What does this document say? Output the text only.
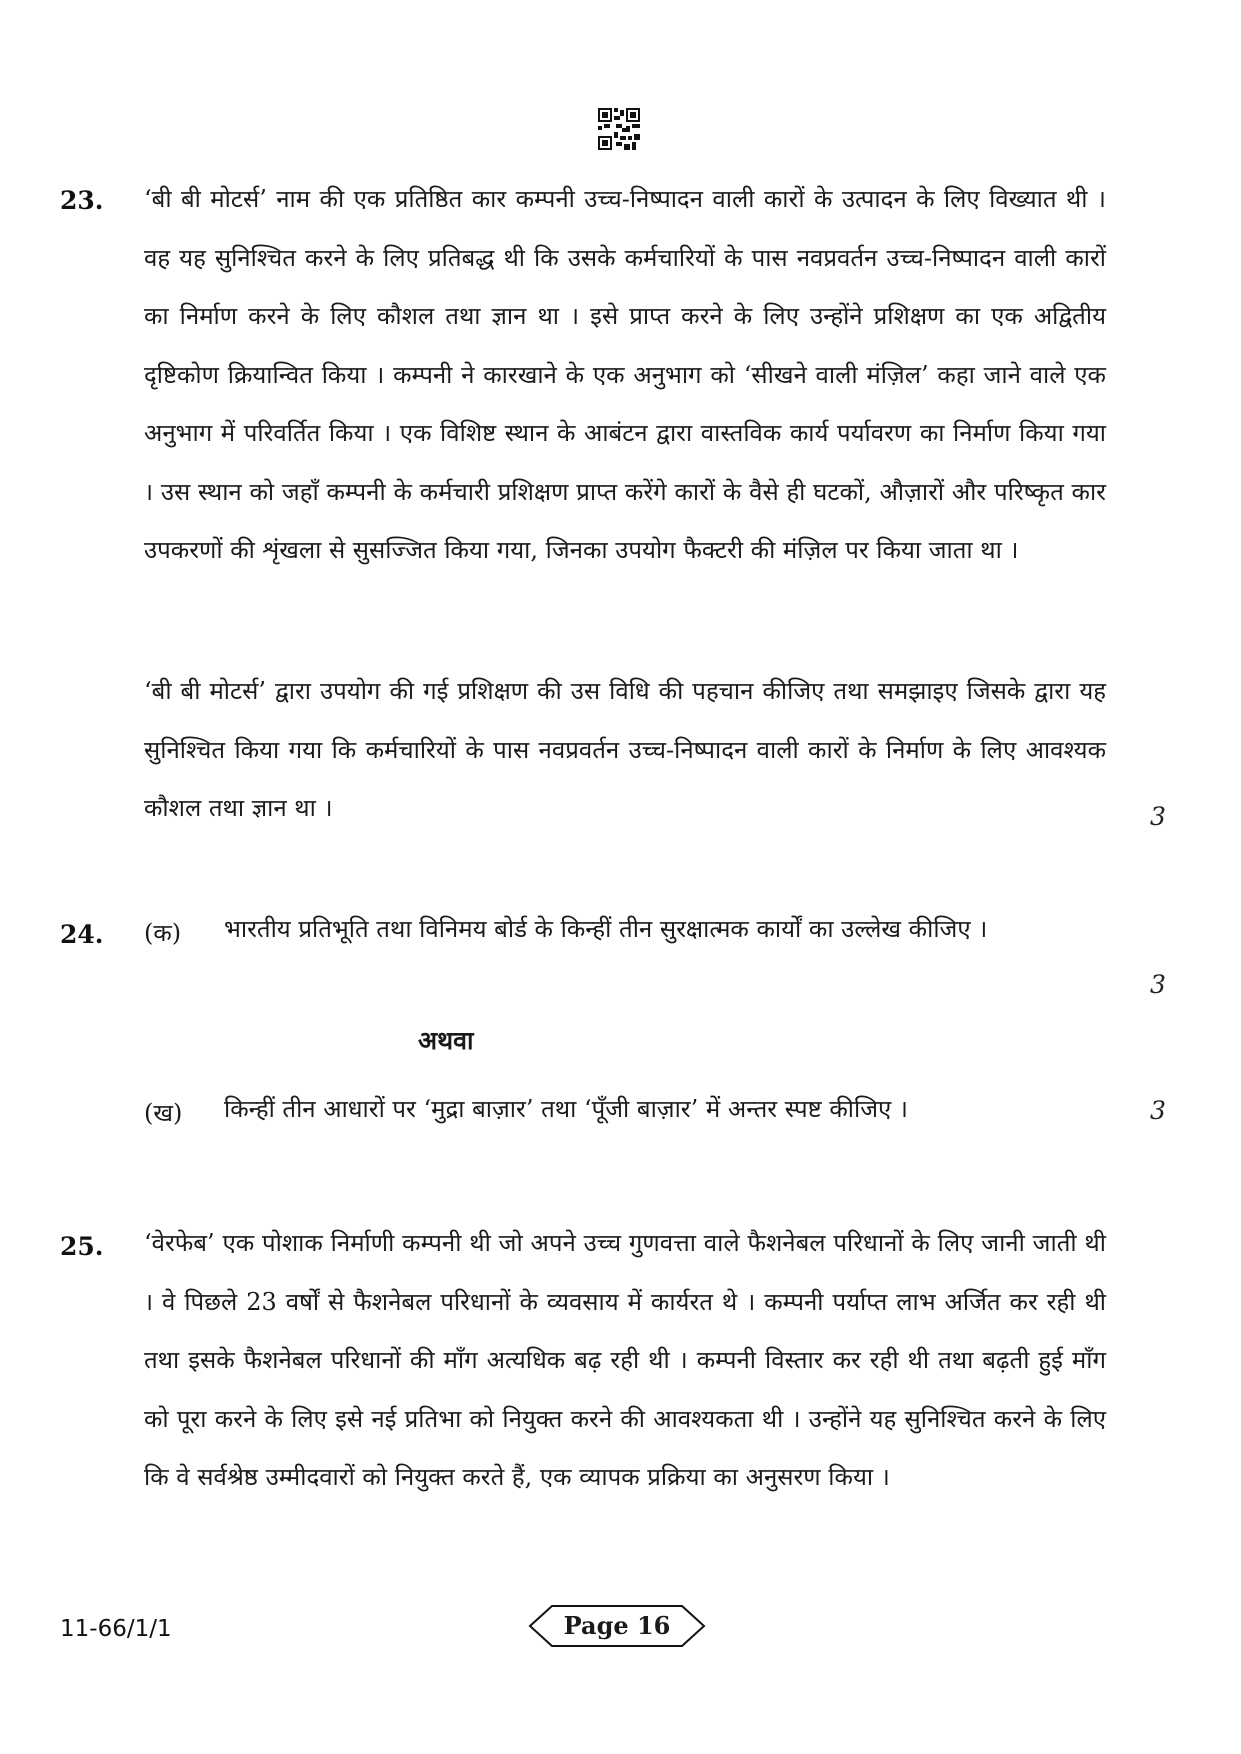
23. ‘बी बी मोटर्स’ नाम की एक प्रतिष्ठित कार कम्पनी उच्च-निष्पादन वाली कारों के उत्पादन के लिए विख्यात थी । वह यह सुनिश्चित करने के लिए प्रतिबद्ध थी कि उसके कर्मचारियों के पास नवप्रवर्तन उच्च-निष्पादन वाली कारों का निर्माण करने के लिए कौशल तथा ज्ञान था । इसे प्राप्त करने के लिए उन्होंने प्रशिक्षण का एक अद्वितीय दृष्टिकोण क्रियान्वित किया । कम्पनी ने कारखाने के एक अनुभाग को ‘सीखने वाली मंज़िल’ कहा जाने वाले एक अनुभाग में परिवर्तित किया । एक विशिष्ट स्थान के आबंटन द्वारा वास्तविक कार्य पर्यावरण का निर्माण किया गया । उस स्थान को जहाँ कम्पनी के कर्मचारी प्रशिक्षण प्राप्त करेंगे कारों के वैसे ही घटकों, औज़ारों और परिष्कृत कार उपकरणों की शृंखला से सुसज्जित किया गया, जिनका उपयोग फैक्टरी की मंज़िल पर किया जाता था ।
‘बी बी मोटर्स’ द्वारा उपयोग की गई प्रशिक्षण की उस विधि की पहचान कीजिए तथा समझाइए जिसके द्वारा यह सुनिश्चित किया गया कि कर्मचारियों के पास नवप्रवर्तन उच्च-निष्पादन वाली कारों के निर्माण के लिए आवश्यक कौशल तथा ज्ञान था ।	3
24. (क) भारतीय प्रतिभूति तथा विनिमय बोर्ड के किन्हीं तीन सुरक्षात्मक कार्यों का उल्लेख कीजिए ।
3
अथवा
(ख) किन्हीं तीन आधारों पर ‘मुद्रा बाज़ार’ तथा ‘पूँजी बाज़ार’ में अन्तर स्पष्ट कीजिए ।	3
25. ‘वेरफेब’ एक पोशाक निर्माणी कम्पनी थी जो अपने उच्च गुणवत्ता वाले फैशनेबल परिधानों के लिए जानी जाती थी । वे पिछले 23 वर्षों से फैशनेबल परिधानों के व्यवसाय में कार्यरत थे । कम्पनी पर्याप्त लाभ अर्जित कर रही थी तथा इसके फैशनेबल परिधानों की माँग अत्यधिक बढ़ रही थी । कम्पनी विस्तार कर रही थी तथा बढ़ती हुई माँग को पूरा करने के लिए इसे नई प्रतिभा को नियुक्त करने की आवश्यकता थी । उन्होंने यह सुनिश्चित करने के लिए कि वे सर्वश्रेष्ठ उम्मीदवारों को नियुक्त करते हैं, एक व्यापक प्रक्रिया का अनुसरण किया ।
11-66/1/1	Page 16
